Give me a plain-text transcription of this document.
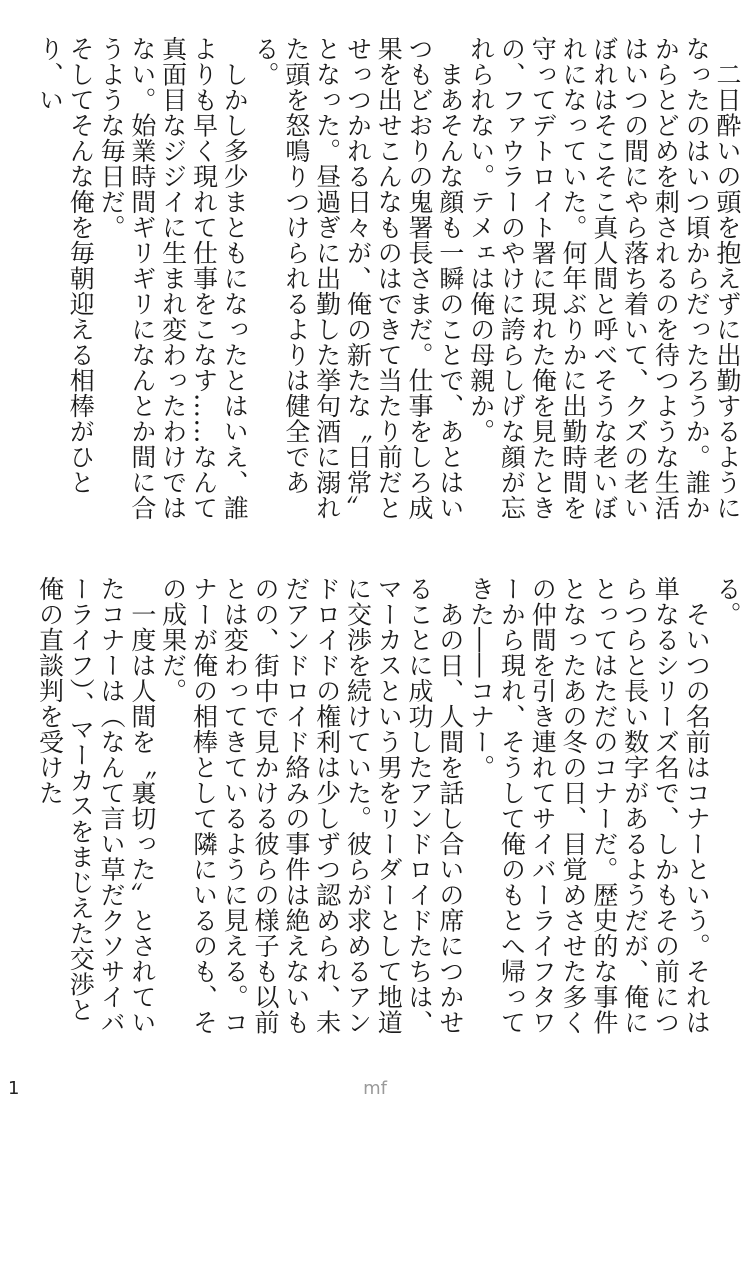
　二日酔いの頭を抱えずに出勤するようになったのはいつ頃からだったろうか。誰かからとどめを刺されるのを待つような生活はいつの間にやら落ち着いて、クズの老いぼれはそこそこ真人間と呼べそうな老いぼれになっていた。何年ぶりかに出勤時間を守ってデトロイト署に現れた俺を見たときの、ファウラーのやけに誇らしげな顔が忘れられない。テメェは俺の母親か。

　まあそんな顔も一瞬のことで、あとはいつもどおりの鬼署長さまだ。仕事をしろ成果を出せこんなものはできて当たり前だとせっつかれる日々が、俺の新たな〝日常〟となった。昼過ぎに出勤した挙句酒に溺れた頭を怒鳴りつけられるよりは健全である。

　しかし多少まともになったとはいえ、誰よりも早く現れて仕事をこなす……なんて真面目なジジイに生まれ変わったわけではない。始業時間ギリギリになんとか間に合うような毎日だ。

そしてそんな俺を毎朝迎える相棒がひとり、い

る。

　そいつの名前はコナーという。それは単なるシリーズ名で、しかもその前につらつらと長い数字があるようだが、俺にとってはただのコナーだ。歴史的な事件となったあの冬の日、目覚めさせた多くの仲間を引き連れてサイバーライフタワーから現れ、そうして俺のもとへ帰ってきた――コナー。

　あの日、人間を話し合いの席につかせることに成功したアンドロイドたちは、マーカスという男をリーダーとして地道に交渉を続けていた。彼らが求めるアンドロイドの権利は少しずつ認められ、未だアンドロイド絡みの事件は絶えないものの、街中で見かける彼らの様子も以前とは変わってきているように見える。コナーが俺の相棒として隣にいるのも、その成果だ。

　一度は人間を〝裏切った〟とされていたコナーは（なんて言い草だクソサイバーライフ）、マーカスをまじえた交渉と俺の直談判を受けた

1	mf
